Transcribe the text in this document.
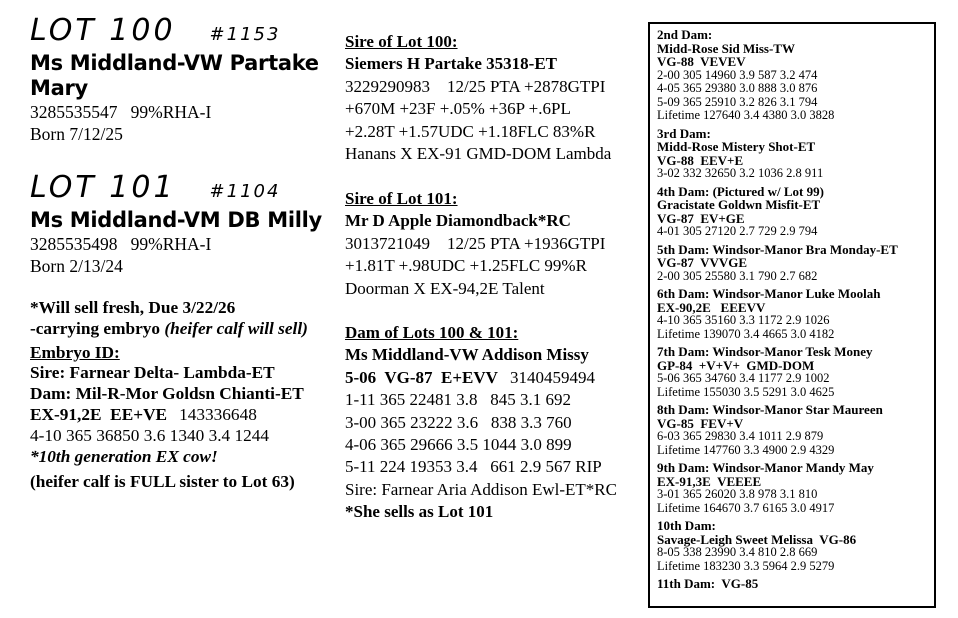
LOT 100 #1153
Ms Middland-VW Partake Mary
3285535547   99%RHA-I
Born 7/12/25
LOT 101 #1104
Ms Middland-VM DB Milly
3285535498   99%RHA-I
Born 2/13/24
*Will sell fresh, Due 3/22/26
-carrying embryo (heifer calf will sell)
Embryo ID:
Sire: Farnear Delta- Lambda-ET
Dam: Mil-R-Mor Goldsn Chianti-ET
EX-91,2E  EE+VE 143336648
4-10 365 36850 3.6 1340 3.4 1244
*10th generation EX cow!
(heifer calf is FULL sister to Lot 63)
Sire of Lot 100:
Siemers H Partake 35318-ET
3229290983    12/25 PTA +2878GTPI
+670M +23F +.05% +36P +.6PL
+2.28T +1.57UDC +1.18FLC 83%R
Hanans X EX-91 GMD-DOM Lambda
Sire of Lot 101:
Mr D Apple Diamondback*RC
3013721049    12/25 PTA +1936GTPI
+1.81T +.98UDC +1.25FLC 99%R
Doorman X EX-94,2E Talent
Dam of Lots 100 & 101:
Ms Middland-VW Addison Missy
5-06  VG-87  E+EVV 3140459494
1-11 365 22481 3.8   845 3.1 692
3-00 365 23222 3.6   838 3.3 760
4-06 365 29666 3.5 1044 3.0 899
5-11 224 19353 3.4   661 2.9 567 RIP
Sire: Farnear Aria Addison Ewl-ET*RC
*She sells as Lot 101
2nd Dam:
Midd-Rose Sid Miss-TW
VG-88  VEVEV
2-00 305 14960 3.9 587 3.2 474
4-05 365 29380 3.0 888 3.0 876
5-09 365 25910 3.2 826 3.1 794
Lifetime 127640 3.4 4380 3.0 3828
3rd Dam:
Midd-Rose Mistery Shot-ET
VG-88  EEV+E
3-02 332 32650 3.2 1036 2.8 911
4th Dam: (Pictured w/ Lot 99)
Gracistate Goldwn Misfit-ET
VG-87  EV+GE
4-01 305 27120 2.7 729 2.9 794
5th Dam: Windsor-Manor Bra Monday-ET
VG-87  VVVGE
2-00 305 25580 3.1 790 2.7 682
6th Dam: Windsor-Manor Luke Moolah
EX-90,2E   EEEVV
4-10 365 35160 3.3 1172 2.9 1026
Lifetime 139070 3.4 4665 3.0 4182
7th Dam: Windsor-Manor Tesk Money
GP-84  +V+V+  GMD-DOM
5-06 365 34760 3.4 1177 2.9 1002
Lifetime 155030 3.5 5291 3.0 4625
8th Dam: Windsor-Manor Star Maureen
VG-85  FEV+V
6-03 365 29830 3.4 1011 2.9 879
Lifetime 147760 3.3 4900 2.9 4329
9th Dam: Windsor-Manor Mandy May
EX-91,3E  VEEEE
3-01 365 26020 3.8 978 3.1 810
Lifetime 164670 3.7 6165 3.0 4917
10th Dam:
Savage-Leigh Sweet Melissa  VG-86
8-05 338 23990 3.4 810 2.8 669
Lifetime 183230 3.3 5964 2.9 5279
11th Dam:  VG-85
